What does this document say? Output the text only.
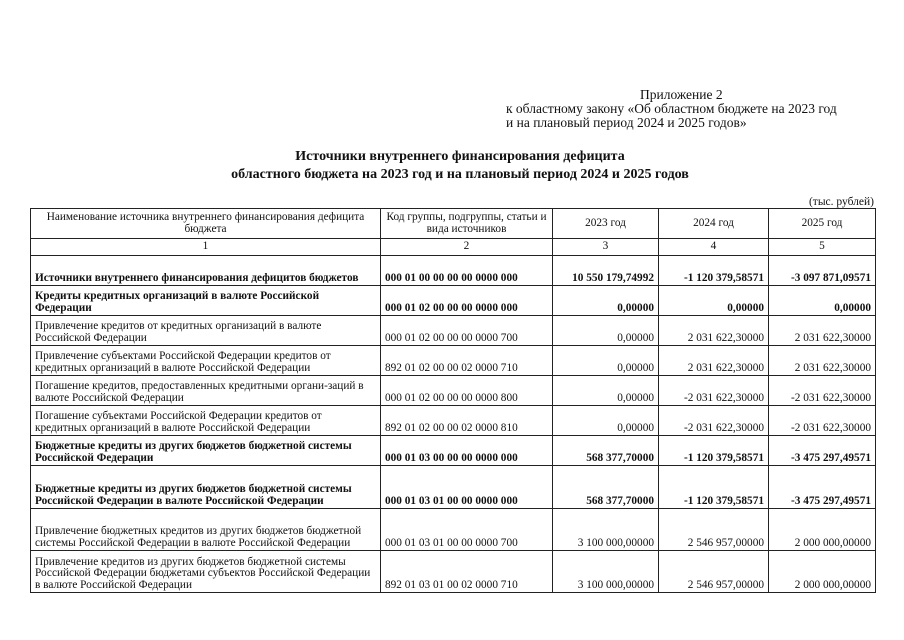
Приложение 2
к областному закону «Об областном бюджете на 2023 год
и на плановый период 2024 и 2025 годов»
Источники внутреннего финансирования дефицита
областного бюджета на 2023 год и на плановый период 2024 и 2025 годов
(тыс. рублей)
Наименование источника внутреннего финансирования дефицита бюджета	Код группы, подгруппы, статьи и вида источников	2023 год	2024 год	2025 год
1	2	3	4	5
Источники внутреннего финансирования дефицитов бюджетов	000 01 00 00 00 00 0000 000	10 550 179,74992	-1 120 379,58571	-3 097 871,09571
Кредиты кредитных организаций в валюте Российской Федерации	000 01 02 00 00 00 0000 000	0,00000	0,00000	0,00000
Привлечение кредитов от кредитных организаций в валюте Российской Федерации	000 01 02 00 00 00 0000 700	0,00000	2 031 622,30000	2 031 622,30000
Привлечение субъектами Российской Федерации кредитов от кредитных организаций в валюте Российской Федерации	892 01 02 00 00 02 0000 710	0,00000	2 031 622,30000	2 031 622,30000
Погашение кредитов, предоставленных кредитными органи-заций в валюте Российской Федерации	000 01 02 00 00 00 0000 800	0,00000	-2 031 622,30000	-2 031 622,30000
Погашение субъектами Российской Федерации кредитов от кредитных организаций в валюте Российской Федерации	892 01 02 00 00 02 0000 810	0,00000	-2 031 622,30000	-2 031 622,30000
Бюджетные кредиты из других бюджетов бюджетной системы Российской Федерации	000 01 03 00 00 00 0000 000	568 377,70000	-1 120 379,58571	-3 475 297,49571
Бюджетные кредиты из других бюджетов бюджетной системы Российской Федерации в валюте Российской Федерации	000 01 03 01 00 00 0000 000	568 377,70000	-1 120 379,58571	-3 475 297,49571
Привлечение бюджетных кредитов из других бюджетов бюджетной системы Российской Федерации в валюте Российской Федерации	000 01 03 01 00 00 0000 700	3 100 000,00000	2 546 957,00000	2 000 000,00000
Привлечение кредитов из других бюджетов бюджетной системы Российской Федерации бюджетами субъектов Российской Федерации в валюте Российской Федерации	892 01 03 01 00 02 0000 710	3 100 000,00000	2 546 957,00000	2 000 000,00000
